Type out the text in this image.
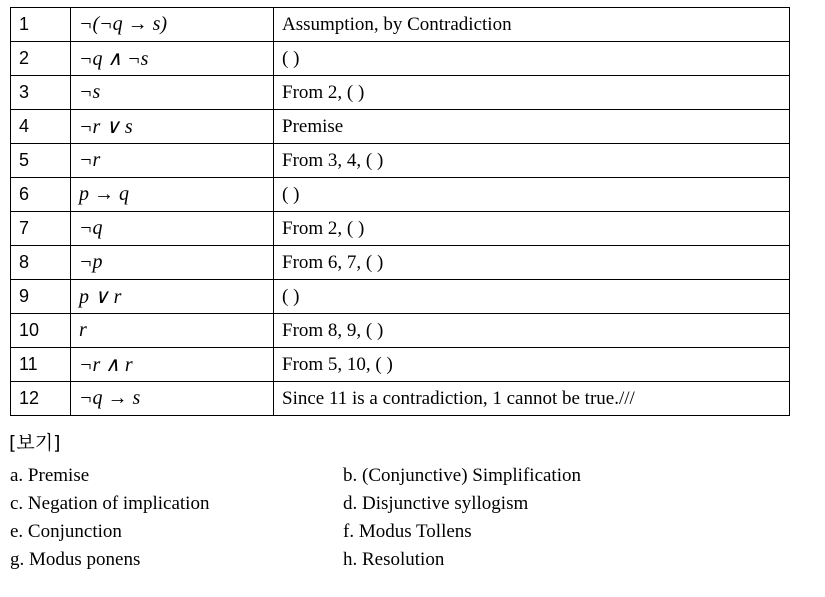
1	¬(¬q → s)	Assumption, by Contradiction
2	¬q ∧ ¬s	( )
3	¬s	From 2, ( )
4	¬r ∨ s	Premise
5	¬r	From 3, 4, ( )
6	p → q	( )
7	¬q	From 2, ( )
8	¬p	From 6, 7, ( )
9	p ∨ r	( )
10	r	From 8, 9, ( )
11	¬r ∧ r	From 5, 10, ( )
12	¬q → s	Since 11 is a contradiction, 1 cannot be true.///
[보기]
a. Premise	b. (Conjunctive) Simplification
c. Negation of implication	d. Disjunctive syllogism
e. Conjunction	f. Modus Tollens
g. Modus ponens	h. Resolution
